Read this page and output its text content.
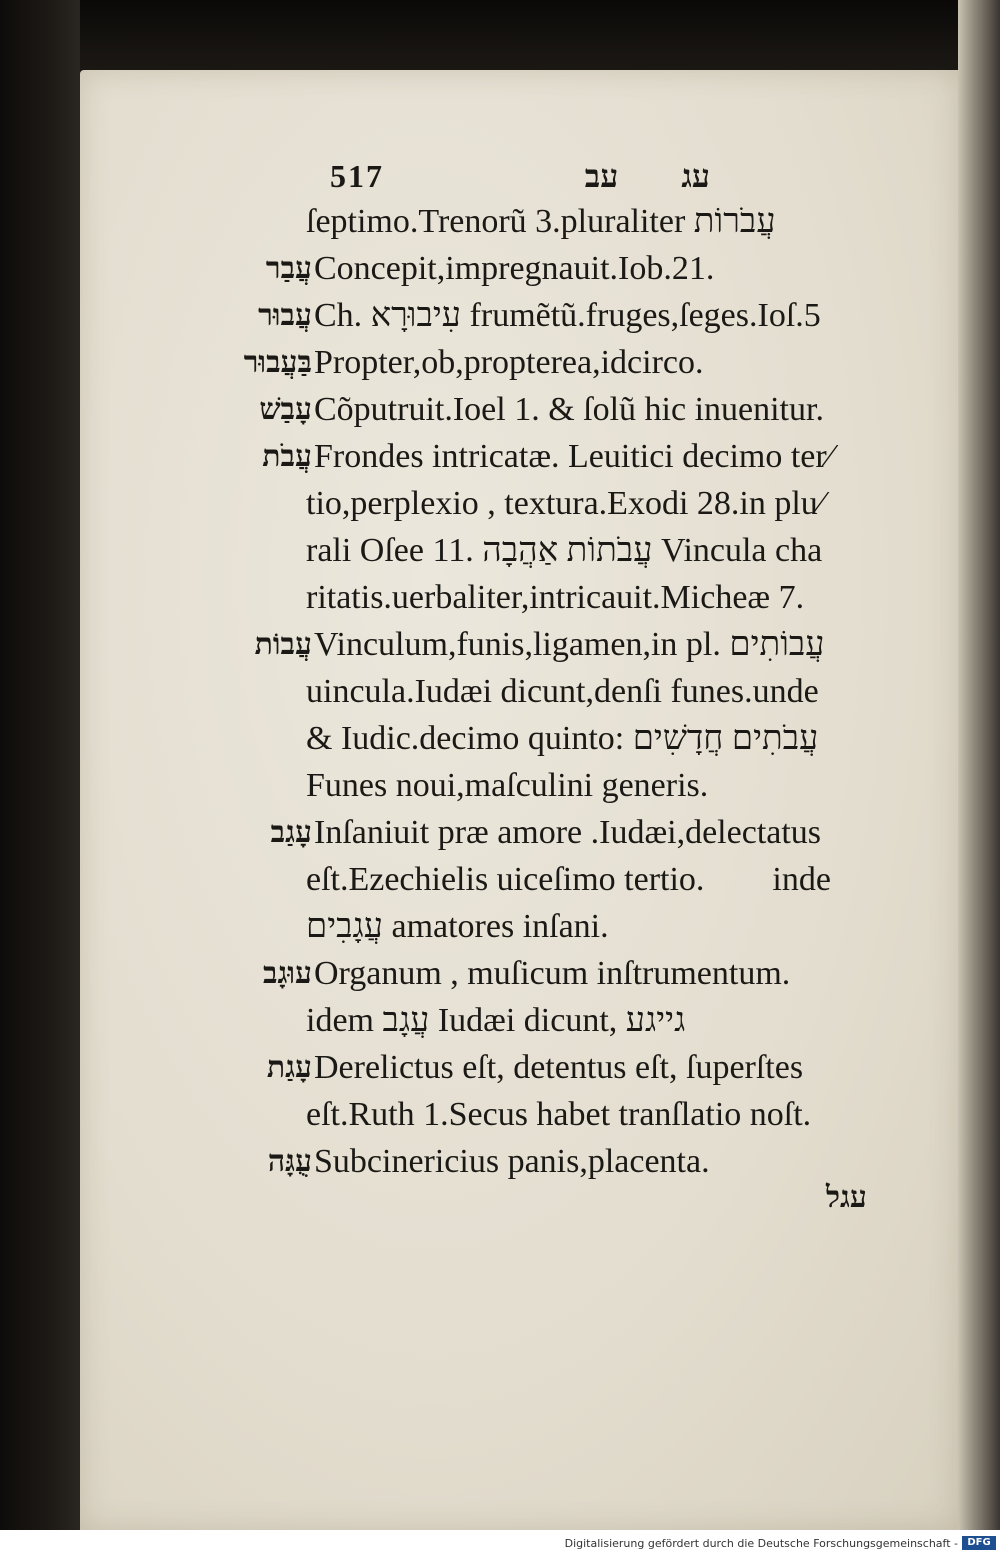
517	עג עב
ſeptimo.Trenorũ 3.pluraliter עֲבֹרוֹת
עֲבַר Concepit,impregnauit.Iob.21.
עֲבוּר Ch. עִיבוּרָא frumẽtũ.fruges,ſeges.Ioſ.5
בַּעֲבוּר Propter,ob,propterea,idcirco.
עָבַשׁ Cõputruit.Ioel 1. & ſolũ hic inuenitur.
עֲבֹת Frondes intricatæ. Leuitici decimo ter⁄
tio,perplexio , textura.Exodi 28.in plu⁄
rali Oſee 11. עֲבֹתוֹת אַהֲבָה Vincula cha
ritatis.uerbaliter,intricauit.Micheæ 7.
עֲבוֹת Vinculum,funis,ligamen,in pl. עֲבוֹתִים
uincula.Iudæi dicunt,denſi funes.unde
& Iudic.decimo quinto: עֲבֹתִים חֲדָשִׁים
Funes noui,maſculini generis.
עָגַב Inſaniuit præ amore .Iudæi,delectatus
eſt.Ezechielis uiceſimo tertio.        inde
עֲגָבִים amatores inſani.
עוּגָב Organum , muſicum inſtrumentum.
idem עֲגָב Iudæi dicunt, גייגע
עָגַת Derelictus eſt, detentus eſt, ſuperſtes
eſt.Ruth 1.Secus habet tranſlatio noſt.
עֻגָּה Subcinericius panis,placenta.
עגל
Digitalisierung gefördert durch die Deutsche Forschungsgemeinschaft - DFG
